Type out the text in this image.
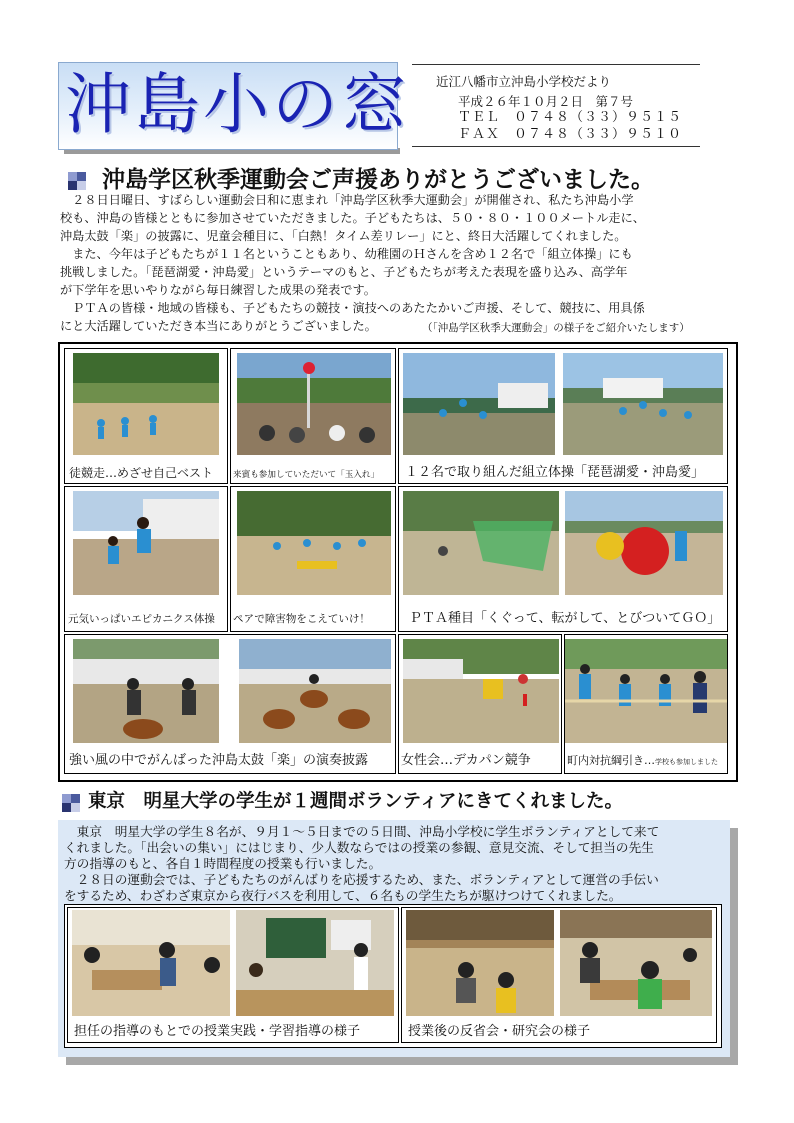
沖島小の窓 近江八幡市立沖島小学校だより
平成２６年１０月２日　第７号
ＴＥＬ　０７４８（３３）９５１５
ＦＡＸ　０７４８（３３）９５１０
沖島学区秋季運動会ご声援ありがとうございました。
　２８日日曜日、すばらしい運動会日和に恵まれ「沖島学区秋季大運動会」が開催され、私たち沖島小学
校も、沖島の皆様とともに参加させていただきました。子どもたちは、５０・８０・１００メートル走に、
沖島太鼓「楽」の披露に、児童会種目に、「白熱！タイム差リレー」にと、終日大活躍してくれました。
　また、今年は子どもたちが１１名ということもあり、幼稚園のＨさんを含め１２名で「組立体操」にも
挑戦しました。「琵琶湖愛・沖島愛」というテーマのもと、子どもたちが考えた表現を盛り込み、高学年
が下学年を思いやりながら毎日練習した成果の発表です。
　ＰＴＡの皆様・地域の皆様も、子どもたちの競技・演技へのあたたかいご声援、そして、競技に、用具係
にと大活躍していただき本当にありがとうございました。	（「沖島学区秋季大運動会」の様子をご紹介いたします）
徒競走…めざせ自己ベスト 来賓も参加していただいて「玉入れ」 １２名で取り組んだ組立体操「琵琶湖愛・沖島愛」
元気いっぱいエピカニクス体操 ペアで障害物をこえていけ！	ＰＴＡ種目「くぐって、転がして、とびついてＧＯ」
強い風の中でがんばった沖島太鼓「楽」の演奏披露	女性会…デカパン競争	町内対抗綱引き…学校も参加しました
東京　明星大学の学生が１週間ボランティアにきてくれました。
　東京　明星大学の学生８名が、９月１～５日までの５日間、沖島小学校に学生ボランティアとして来て
くれました。「出会いの集い」にはじまり、少人数ならではの授業の参観、意見交流、そして担当の先生
方の指導のもと、各自１時間程度の授業も行いました。
　２８日の運動会では、子どもたちのがんばりを応援するため、また、ボランティアとして運営の手伝い
をするため、わざわざ東京から夜行バスを利用して、６名もの学生たちが駆けつけてくれました。
担任の指導のもとでの授業実践・学習指導の様子	授業後の反省会・研究会の様子
